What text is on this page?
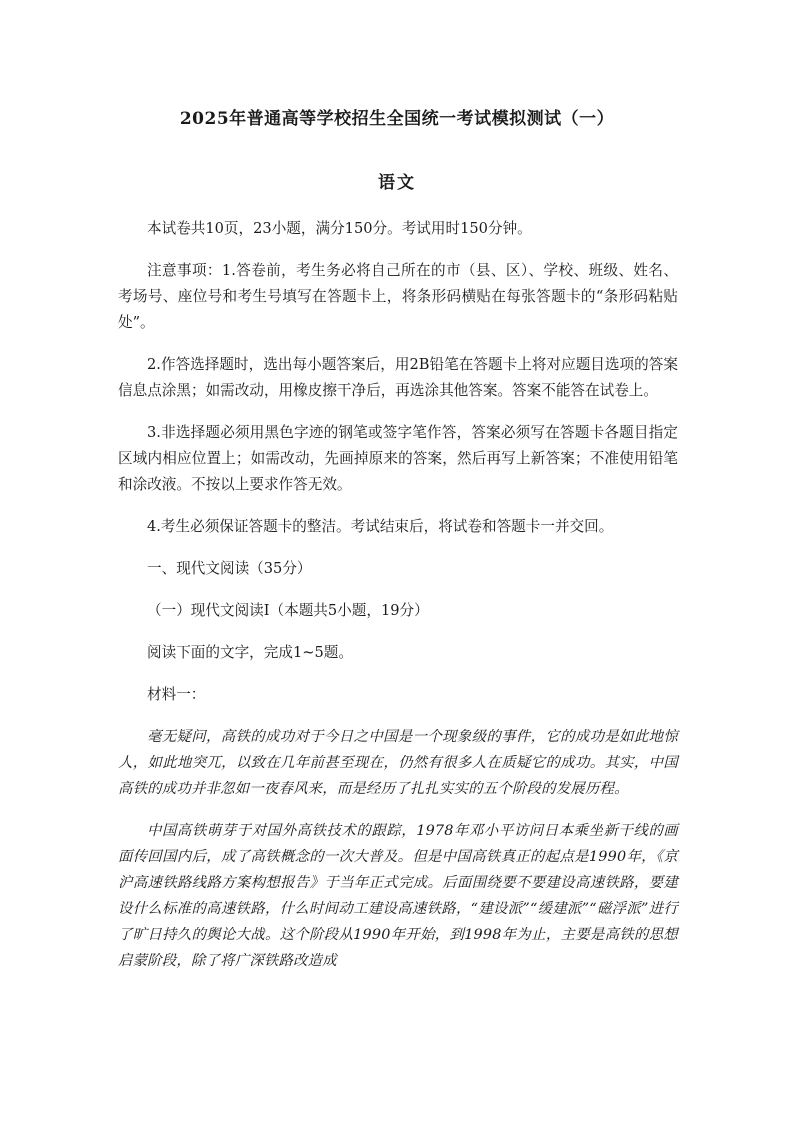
2025年普通高等学校招生全国统一考试模拟测试（一）
语文

本试卷共10页，23小题，满分150分。考试用时150分钟。

注意事项：1.答卷前，考生务必将自己所在的市（县、区）、学校、班级、姓名、考场号、座位号和考生号填写在答题卡上，将条形码横贴在每张答题卡的“条形码粘贴处”。

2.作答选择题时，选出每小题答案后，用2B铅笔在答题卡上将对应题目选项的答案信息点涂黑；如需改动，用橡皮擦干净后，再选涂其他答案。答案不能答在试卷上。

3.非选择题必须用黑色字迹的钢笔或签字笔作答，答案必须写在答题卡各题目指定区域内相应位置上；如需改动，先画掉原来的答案，然后再写上新答案；不准使用铅笔和涂改液。不按以上要求作答无效。

4.考生必须保证答题卡的整洁。考试结束后，将试卷和答题卡一并交回。

一、现代文阅读（35分）

（一）现代文阅读Ⅰ（本题共5小题，19分）

阅读下面的文字，完成1~5题。

材料一：

毫无疑问，高铁的成功对于今日之中国是一个现象级的事件，它的成功是如此地惊人，如此地突兀，以致在几年前甚至现在，仍然有很多人在质疑它的成功。其实，中国高铁的成功并非忽如一夜春风来，而是经历了扎扎实实的五个阶段的发展历程。

中国高铁萌芽于对国外高铁技术的跟踪，1978年邓小平访问日本乘坐新干线的画面传回国内后，成了高铁概念的一次大普及。但是中国高铁真正的起点是1990年，《京沪高速铁路线路方案构想报告》于当年正式完成。后面围绕要不要建设高速铁路，要建设什么标准的高速铁路，什么时间动工建设高速铁路，“建设派”“缓建派”“磁浮派”进行了旷日持久的舆论大战。这个阶段从1990年开始，到1998年为止，主要是高铁的思想启蒙阶段，除了将广深铁路改造成
